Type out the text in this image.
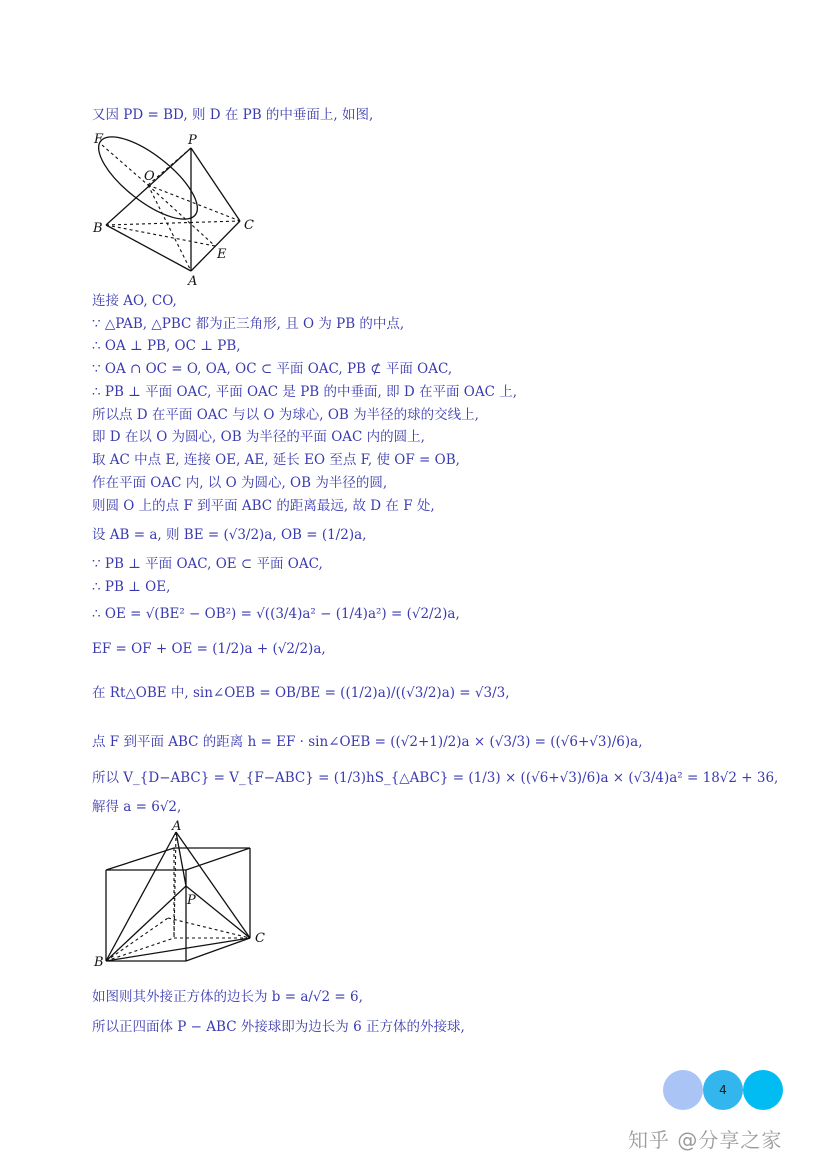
又因 PD = BD, 则 D 在 PB 的中垂面上, 如图,
F	P
O
B	C
E
A
连接 AO, CO,
∵ △PAB, △PBC 都为正三角形, 且 O 为 PB 的中点,
∴ OA ⊥ PB, OC ⊥ PB,
∵ OA ∩ OC = O, OA, OC ⊂ 平面 OAC, PB ⊄ 平面 OAC,
∴ PB ⊥ 平面 OAC, 平面 OAC 是 PB 的中垂面, 即 D 在平面 OAC 上,
所以点 D 在平面 OAC 与以 O 为球心, OB 为半径的球的交线上,
即 D 在以 O 为圆心, OB 为半径的平面 OAC 内的圆上,
取 AC 中点 E, 连接 OE, AE, 延长 EO 至点 F, 使 OF = OB,
作在平面 OAC 内, 以 O 为圆心, OB 为半径的圆,
则圆 O 上的点 F 到平面 ABC 的距离最远, 故 D 在 F 处,
设 AB = a, 则 BE = (√3/2)a, OB = (1/2)a,
∵ PB ⊥ 平面 OAC, OE ⊂ 平面 OAC,
∴ PB ⊥ OE,
∴ OE = √(BE² − OB²) = √((3/4)a² − (1/4)a²) = (√2/2)a,
EF = OF + OE = (1/2)a + (√2/2)a,
在 Rt△OBE 中, sin∠OEB = OB/BE = ((1/2)a)/((√3/2)a) = √3/3,
点 F 到平面 ABC 的距离 h = EF · sin∠OEB = ((√2+1)/2)a × (√3/3) = ((√6+√3)/6)a,
所以 V_{D−ABC} = V_{F−ABC} = (1/3)hS_{△ABC} = (1/3) × ((√6+√3)/6)a × (√3/4)a² = 18√2 + 36,
解得 a = 6√2,
A
P
B
C
如图则其外接正方体的边长为 b = a/√2 = 6,
所以正四面体 P − ABC 外接球即为边长为 6 正方体的外接球,
4
知乎 @分享之家
